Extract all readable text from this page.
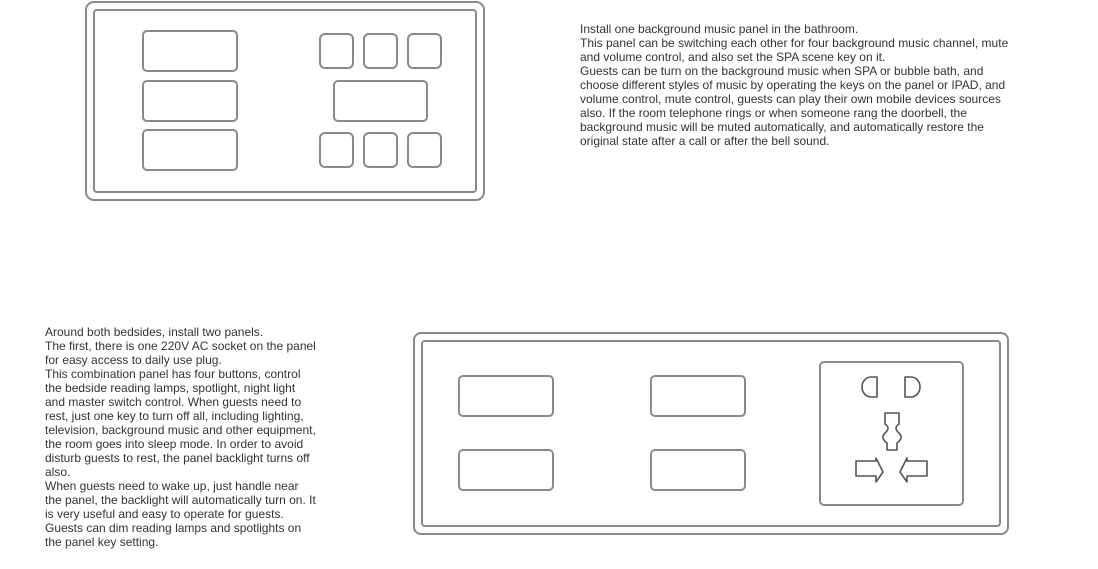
Install one background music panel in the bathroom.
This panel can be switching each other for four background music channel, mute
and volume control, and also set the SPA scene key on it.
Guests can be turn on the background music when SPA or bubble bath, and
choose different styles of music by operating the keys on the panel or IPAD, and
volume control, mute control, guests can play their own mobile devices sources
also. If the room telephone rings or when someone rang the doorbell, the
background music will be muted automatically, and automatically restore the
original state after a call or after the bell sound.
Around both bedsides, install two panels.
The first, there is one 220V AC socket on the panel
for easy access to daily use plug.
This combination panel has four buttons, control
the bedside reading lamps, spotlight, night light
and master switch control. When guests need to
rest, just one key to turn off all, including lighting,
television, background music and other equipment,
the room goes into sleep mode. In order to avoid
disturb guests to rest, the panel backlight turns off
also.
When guests need to wake up, just handle near
the panel, the backlight will automatically turn on. It
is very useful and easy to operate for guests.
Guests can dim reading lamps and spotlights on
the panel key setting.
